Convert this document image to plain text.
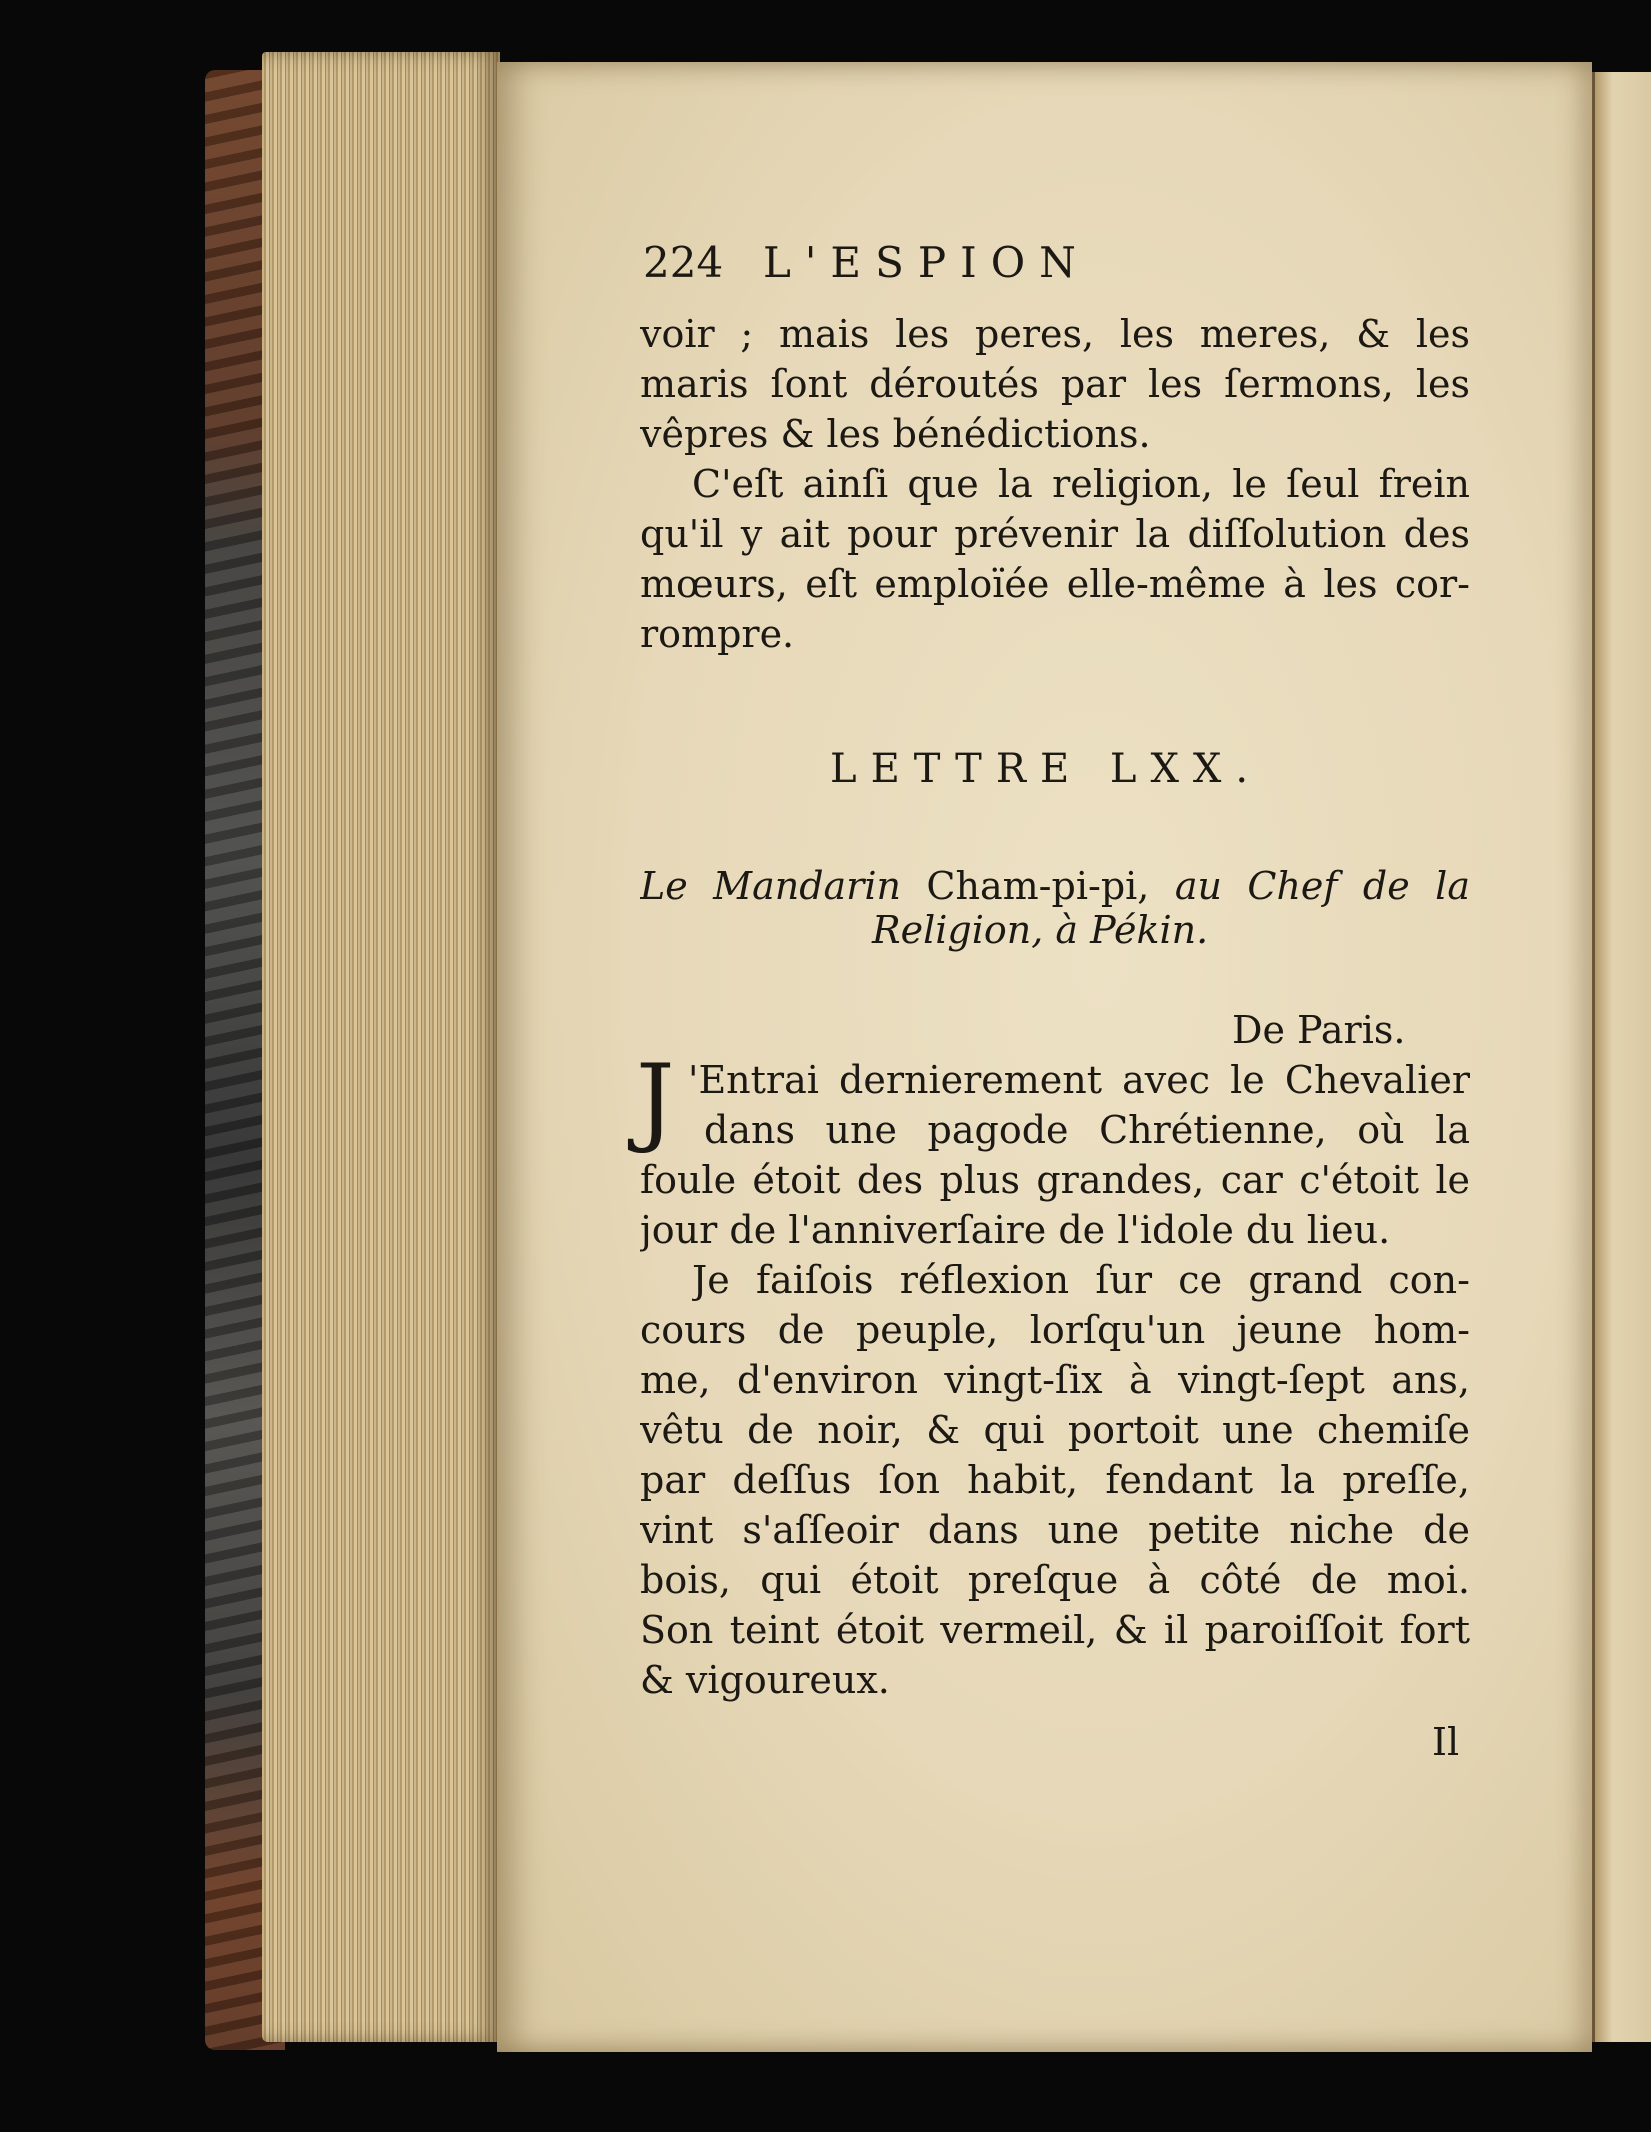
224 L'ESPION
voir ; mais les peres, les meres, & les
maris ſont déroutés par les ſermons, les
vêpres & les bénédictions.
C'eſt ainſi que la religion, le ſeul frein
qu'il y ait pour prévenir la diſſolution des
mœurs, eſt emploïée elle-même à les cor-
rompre.
LETTRE LXX.
Le Mandarin Cham-pi-pi, au Chef de la
Religion, à Pékin.
De Paris.
J 'Entrai dernierement avec le Chevalier
dans une pagode Chrétienne, où la
foule étoit des plus grandes, car c'étoit le
jour de l'anniverſaire de l'idole du lieu.
Je faiſois réflexion ſur ce grand con-
cours de peuple, lorſqu'un jeune hom-
me, d'environ vingt-ſix à vingt-ſept ans,
vêtu de noir, & qui portoit une chemiſe
par deſſus ſon habit, fendant la preſſe,
vint s'aſſeoir dans une petite niche de
bois, qui étoit preſque à côté de moi.
Son teint étoit vermeil, & il paroiſſoit fort
& vigoureux.
Il
